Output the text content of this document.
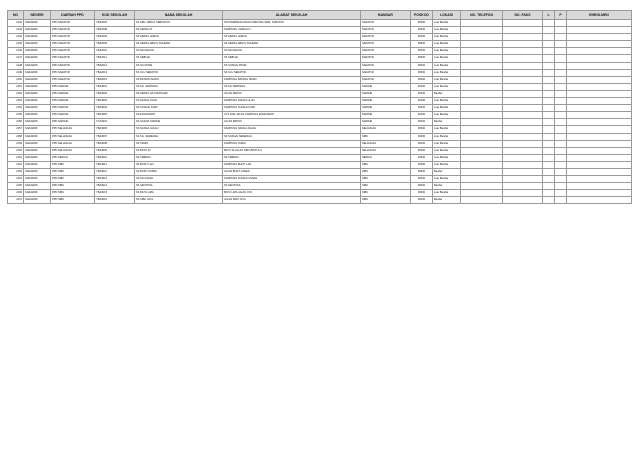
NO	NEGERI	DAERAH PPD	KOD SEKOLAH	NAMA SEKOLAH	ALAMAT SEKOLAH	BANDAR	POSKOD	LOKASI	NO. TELEFON	NO. FAKS	L	P	ENROLMEN
2142	SARAWAK	PPD SARATOK	YBA2006	SK ABG. ABDUL SEBANTAN	SJK PEMBANGUNAN KAMPUNG SEDI, SARATOK	SARATOK	95400	Luar Bandar					
2143	SARAWAK	PPD SARATOK	YBA2008	SK KEMALUT	KAMPUNG, KEMALUT	SARATOK	95400	Luar Bandar					
2144	SARAWAK	PPD SARATOK	YBA2009	SK ABANG LEMAN	SK ABANG LEMAN	SARATOK	95400	Luar Bandar					
2145	SARAWAK	PPD SARATOK	YBA2009	SK ABANG ABDUL RAHMAN	SK ABANG ABDUL RAHMAN	SARATOK	95400	Luar Bandar					
2146	SARAWAK	PPD SARATOK	YBA2010	SK NGUNGUN	SK NGUNGUN	SARATOK	95400	Luar Bandar					
2147	SARAWAK	PPD SARATOK	YBA2011	SK SEBLAK	SK SEBLAK	SARATOK	95400	Luar Bandar					
2148	SARAWAK	PPD SARATOK	YBA2012	SK SG PASIR	SK SUNGAI PASIR	SARATOK	95400	Luar Bandar					
2149	SARAWAK	PPD SARATOK	YBA2013	SK ULU SERATOK	SK ULU SERATOK	SARATOK	95400	Luar Bandar					
2150	SARAWAK	PPD SARATOK	YBA2015	SK BATANG MARO	KAMPUNG BATANG MARO	SARATOK	95400	Luar Bandar					
2151	SARAWAK	PPD SARIKEI	YBA3001	SK SG. SERTENG	SK SG SERTENG	SARIKEI	96100	Luar Bandar					
2152	SARAWAK	PPD SARIKEI	YBA3002	SK ABANG HAJI MATAHIR	JALAN REPOK	SARIKEI	96100	Bandar					
2153	SARAWAK	PPD SARIKEI	YBA3003	SK NANGA ULAN	KAMPUNG NANGA ULAN	SARIKEI	96100	Luar Bandar					
2154	SARAWAK	PPD SARIKEI	YBA3004	SK SUNGAI KAWI	KAMPUNG SUNGAI KAWI	SARIKEI	96100	Luar Bandar					
2155	SARAWAK	PPD SARIKEI	YBA3005	SK ENGKAMOP	LOT 1094 JALAN KAMPUNG ENGKAMOP	SARIKEI	96100	Luar Bandar					
2156	SARAWAK	PPD SARIKEI	YCA3001	SK AGAMA SARIKEI	JALAN REPOK	SARIKEI	96100	Bandar					
2157	SARAWAK	PPD SELANGAU	YBA3006	SK NANGA JAGAU	KAMPUNG NANGA JAGAU	SELANGAU	96000	Luar Bandar					
2158	SARAWAK	PPD SELANGAU	YBA3007	SK SG. SEMERAH	SK SUNGAI SEMERAH	SIBU	96000	Luar Bandar					
2159	SARAWAK	PPD SELANGAU	YBA3008	SK TAMIN	KAMPUNG TAMIN	SELANGAU	96000	Luar Bandar					
2160	SARAWAK	PPD SELANGAU	YBA3009	SK BATU 32	BATU 32 JALAN SIBU BINTULU	SELANGAU	96000	Luar Bandar					
2161	SARAWAK	PPD SERIAN	YBA3010	SK TEBEDU	SK TEBEDU	SERIAN	94300	Luar Bandar					
2162	SARAWAK	PPD SIBU	YBA3011	SK BUKIT LAN	KAMPUNG BUKIT LAN	SIBU	96000	Luar Bandar					
2163	SARAWAK	PPD SIBU	YBA3012	SK BUKIT ASSEK	JALAN BUKIT ASSEK	SIBU	96000	Bandar					
2164	SARAWAK	PPD SIBU	YBA3013	SK SG ASSAN	KAMPUNG SUNGAI ASSAN	SIBU	96000	Luar Bandar					
2165	SARAWAK	PPD SIBU	YBA3014	SK SENTOSA	SK SENTOSA	SIBU	96000	Bandar					
2166	SARAWAK	PPD SIBU	YBA3015	SK BATU LIMA	BATU LIMA JALAN OYA	SIBU	96000	Luar Bandar					
2167	SARAWAK	PPD SIBU	YBA3016	SK SIBU JAYA	JALAN SIBU JAYA	SIBU	96000	Bandar					
